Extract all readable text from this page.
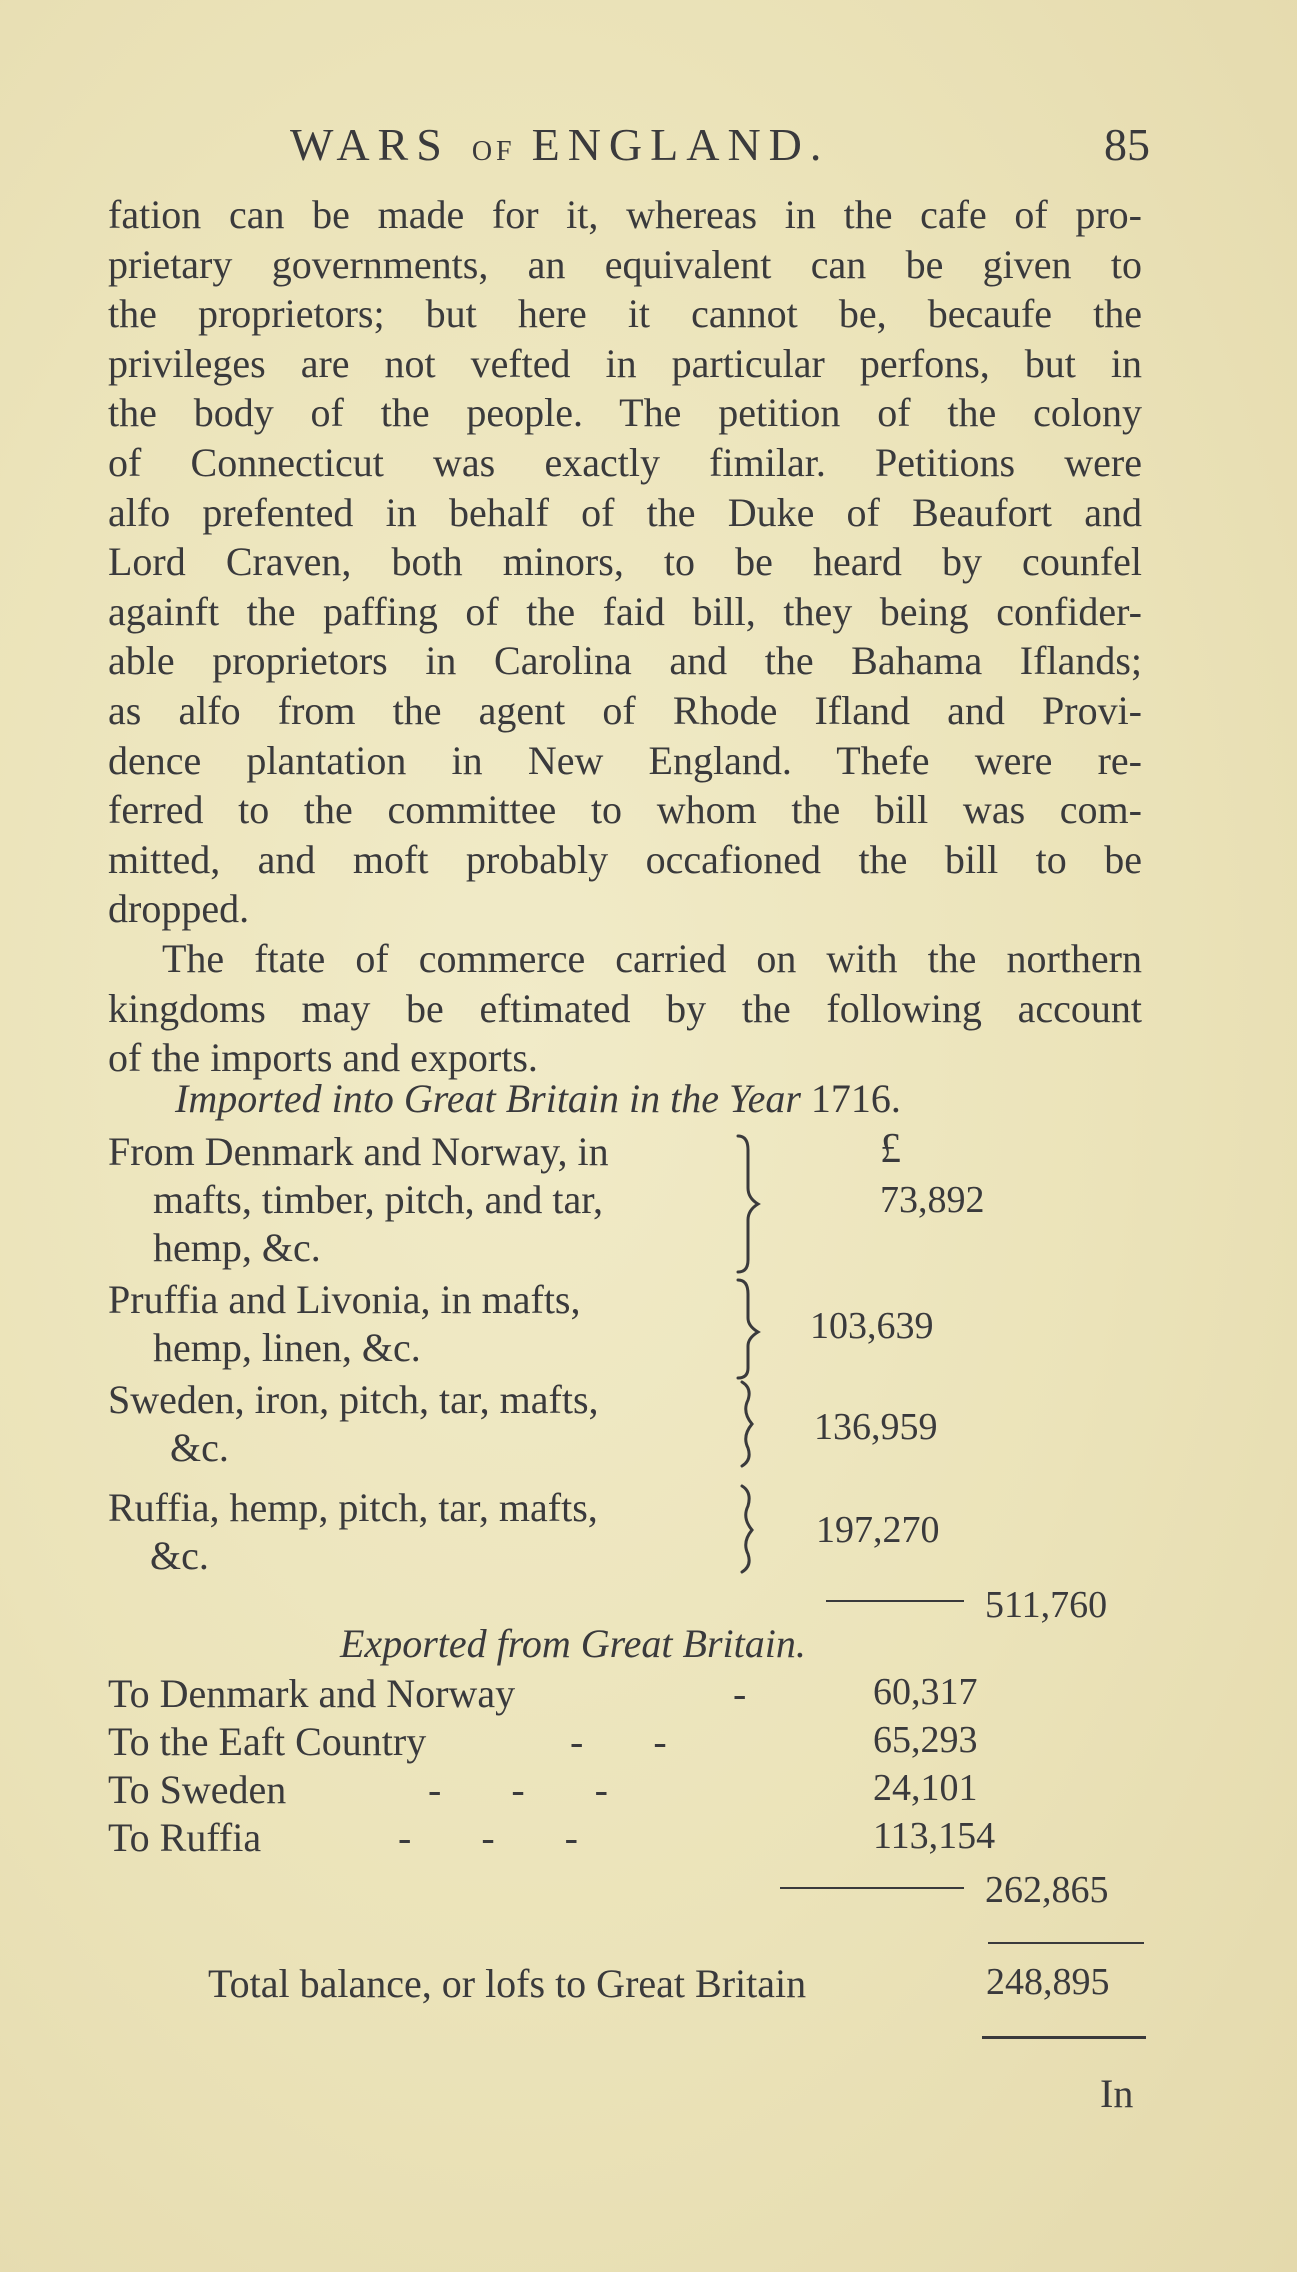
WARS OF ENGLAND.	85
fation can be made for it, whereas in the cafe of pro-
prietary governments, an equivalent can be given to
the proprietors; but here it cannot be, becaufe the
privileges are not vefted in particular perfons, but in
the body of the people. The petition of the colony
of Connecticut was exactly fimilar. Petitions were
alfo prefented in behalf of the Duke of Beaufort and
Lord Craven, both minors, to be heard by counfel
againft the paffing of the faid bill, they being confider-
able proprietors in Carolina and the Bahama Iflands;
as alfo from the agent of Rhode Ifland and Provi-
dence plantation in New England. Thefe were re-
ferred to the committee to whom the bill was com-
mitted, and moft probably occafioned the bill to be
dropped.
The ftate of commerce carried on with the northern
kingdoms may be eftimated by the following account
of the imports and exports.
Imported into Great Britain in the Year 1716.
From Denmark and Norway, in
mafts, timber, pitch, and tar,
hemp, &c.
£
73,892
Pruffia and Livonia, in mafts,
hemp, linen, &c.	103,639
Sweden, iron, pitch, tar, mafts,
&c.	136,959
Ruffia, hemp, pitch, tar, mafts,
&c.
197,270
511,760
Exported from Great Britain.
To Denmark and Norway	-	60,317
To the Eaft Country	-       -	65,293
To Sweden	-       -       -	24,101
To Ruffia	-       -       -	113,154
262,865
Total balance, or lofs to Great Britain	248,895
In
